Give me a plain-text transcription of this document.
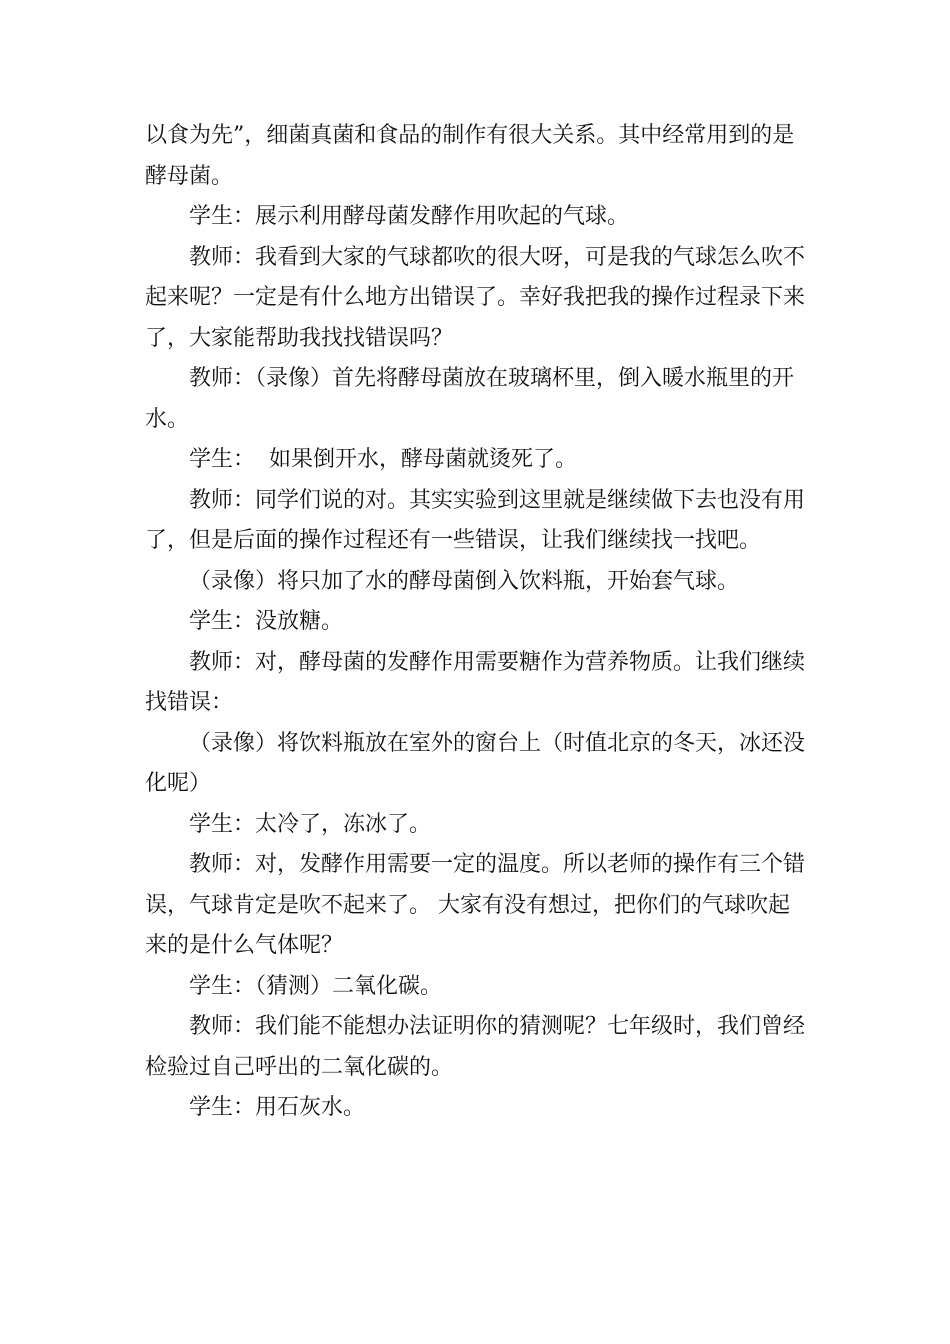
以食为先”，细菌真菌和食品的制作有很大关系。其中经常用到的是酵母菌。

学生：展示利用酵母菌发酵作用吹起的气球。

教师：我看到大家的气球都吹的很大呀，可是我的气球怎么吹不起来呢？一定是有什么地方出错误了。幸好我把我的操作过程录下来了，大家能帮助我找找错误吗？

教师：（录像）首先将酵母菌放在玻璃杯里，倒入暖水瓶里的开水。

学生：  如果倒开水，酵母菌就烫死了。

教师：同学们说的对。其实实验到这里就是继续做下去也没有用了，但是后面的操作过程还有一些错误，让我们继续找一找吧。

（录像）将只加了水的酵母菌倒入饮料瓶，开始套气球。

学生：没放糖。

教师：对，酵母菌的发酵作用需要糖作为营养物质。让我们继续找错误：

（录像）将饮料瓶放在室外的窗台上（时值北京的冬天，冰还没化呢）

学生：太冷了，冻冰了。

教师：对，发酵作用需要一定的温度。所以老师的操作有三个错误，气球肯定是吹不起来了。 大家有没有想过，把你们的气球吹起来的是什么气体呢？

学生：（猜测）二氧化碳。

教师：我们能不能想办法证明你的猜测呢？七年级时，我们曾经检验过自己呼出的二氧化碳的。

学生：用石灰水。
